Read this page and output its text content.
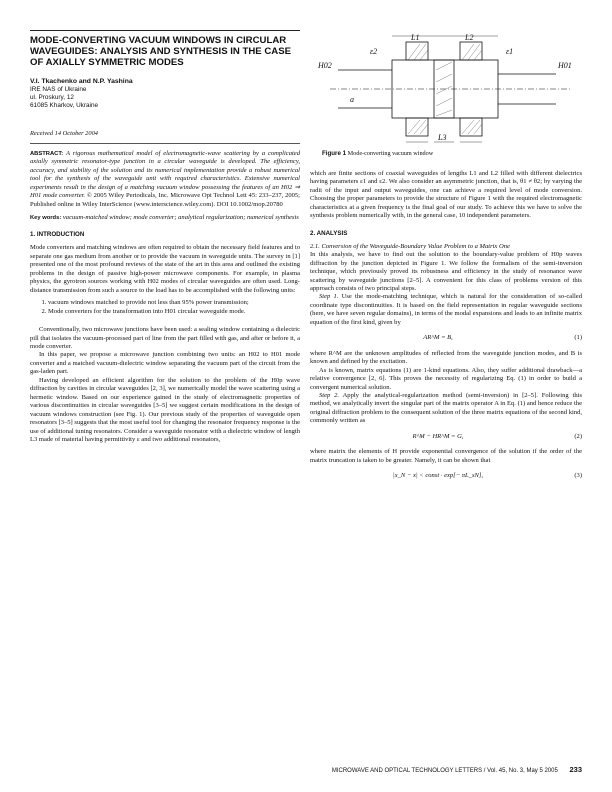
MODE-CONVERTING VACUUM WINDOWS IN CIRCULAR WAVEGUIDES: ANALYSIS AND SYNTHESIS IN THE CASE OF AXIALLY SYMMETRIC MODES
V.I. Tkachenko and N.P. Yashina
IRE NAS of Ukraine
ul. Proskury, 12
61085 Kharkov, Ukraine
Received 14 October 2004

ABSTRACT: A rigorous mathematical model of electromagnetic-wave scattering by a complicated axially symmetric resonator-type junction in a circular waveguide is developed. The efficiency, accuracy, and stability of the solution and its numerical implementation provide a robust numerical tool for the synthesis of the waveguide unit with required characteristics. Extensive numerical experiments result in the design of a matching vacuum window possessing the features of an H02 ⇒ H01 mode converter. © 2005 Wiley Periodicals, Inc. Microwave Opt Technol Lett 45: 233–237, 2005; Published online in Wiley InterScience (www.interscience.wiley.com). DOI 10.1002/mop.20780

Key words: vacuum-matched window; mode converter; analytical regularization; numerical synthesis

1. INTRODUCTION

Mode converters and matching windows are often required to obtain the necessary field features and to separate one gas medium from another or to provide the vacuum in waveguide units. The survey in [1] presented one of the most profound reviews of the state of the art in this area and outlined the existing problems in the design of passive high-power microwave components. For example, in plasma physics, the gyrotron sources working with H02 modes of circular waveguides are often used. Long-distance transmission from such a source to the load has to be accomplished with the following units:

1. vacuum windows matched to provide not less than 95% power transmission;
2. Mode converters for the transformation into H01 circular waveguide mode.

Conventionally, two microwave junctions have been used: a sealing window containing a dielectric pill that isolates the vacuum-processed part of line from the part filled with gas, and after or before it, a mode converter.

In this paper, we propose a microwave junction combining two units: an H02 to H01 mode converter and a matched vacuum-dielectric window separating the vacuum part of the circuit from the gas-laden part.

Having developed an efficient algorithm for the solution to the problem of the H0p wave diffraction by cavities in circular waveguides [2, 3], we numerically model the wave scattering using a hermetic window. Based on our experience gained in the study of electromagnetic properties of various discontinuities in circular waveguides [3–5] we suggest certain modifications in the design of vacuum windows construction (see Fig. 1). Our previous study of the properties of waveguide open resonators [3–5] suggests that the most useful tool for changing the resonator frequency response is the use of additional tuning resonators. Consider a waveguide resonator with a dielectric window of length L3 made of material having permittivity ε and two additional resonators,

H02	H01
L1	L2
L3
ε2	ε1
a
Figure 1 Mode-converting vacuum window

which are finite sections of coaxial waveguides of lengths L1 and L2 filled with different dielectrics having parameters ε1 and ε2. We also consider an asymmetric junction, that is, θ1 ≠ θ2; by varying the radii of the input and output waveguides, one can achieve a required level of mode conversion. Choosing the proper parameters to provide the structure of Figure 1 with the required electromagnetic characteristics at a given frequency is the final goal of our study. To achieve this we have to solve the synthesis problem numerically with, in the general case, 10 independent parameters.

2. ANALYSIS

2.1. Conversion of the Waveguide-Boundary Value Problem to a Matrix One

In this analysis, we have to find out the solution to the boundary-value problem of H0p waves diffraction by the junction depicted in Figure 1. We follow the formalism of the semi-inversion technique, which previously proved its robustness and efficiency in the study of resonance wave scattering by waveguide junctions [2–5]. A convenient for this class of problems version of this approach consists of two principal steps.

Step 1. Use the mode-matching technique, which is natural for the consideration of so-called coordinate type discontinuities. It is based on the field representation in regular waveguide sections (here, we have seven regular domains), in terms of the modal expansions and leads to an infinite matrix equation of the first kind, given by

AR^M = B,	(1)

where R^M are the unknown amplitudes of reflected from the waveguide junction modes, and B is known and defined by the excitation.

As is known, matrix equations (1) are 1-kind equations. Also, they suffer additional drawback—a relative convergence [2, 6]. This proves the necessity of regularizing Eq. (1) in order to build a convergent numerical solution.

Step 2. Apply the analytical-regularization method (semi-inversion) in [2–5]. Following this method, we analytically invert the singular part of the matrix operator A in Eq. (1) and hence reduce the original diffraction problem to the consequent solution of the three matrix equations of the second kind, commonly written as

R^M − HR^M = G,	(2)

where matrix the elements of H provide exponential convergence of the solution if the order of the matrix truncation is taken to be greater. Namely, it can be shown that

|x_N − x| < const · exp[− πL_sN],	(3)
MICROWAVE AND OPTICAL TECHNOLOGY LETTERS / Vol. 45, No. 3, May 5 2005 233
